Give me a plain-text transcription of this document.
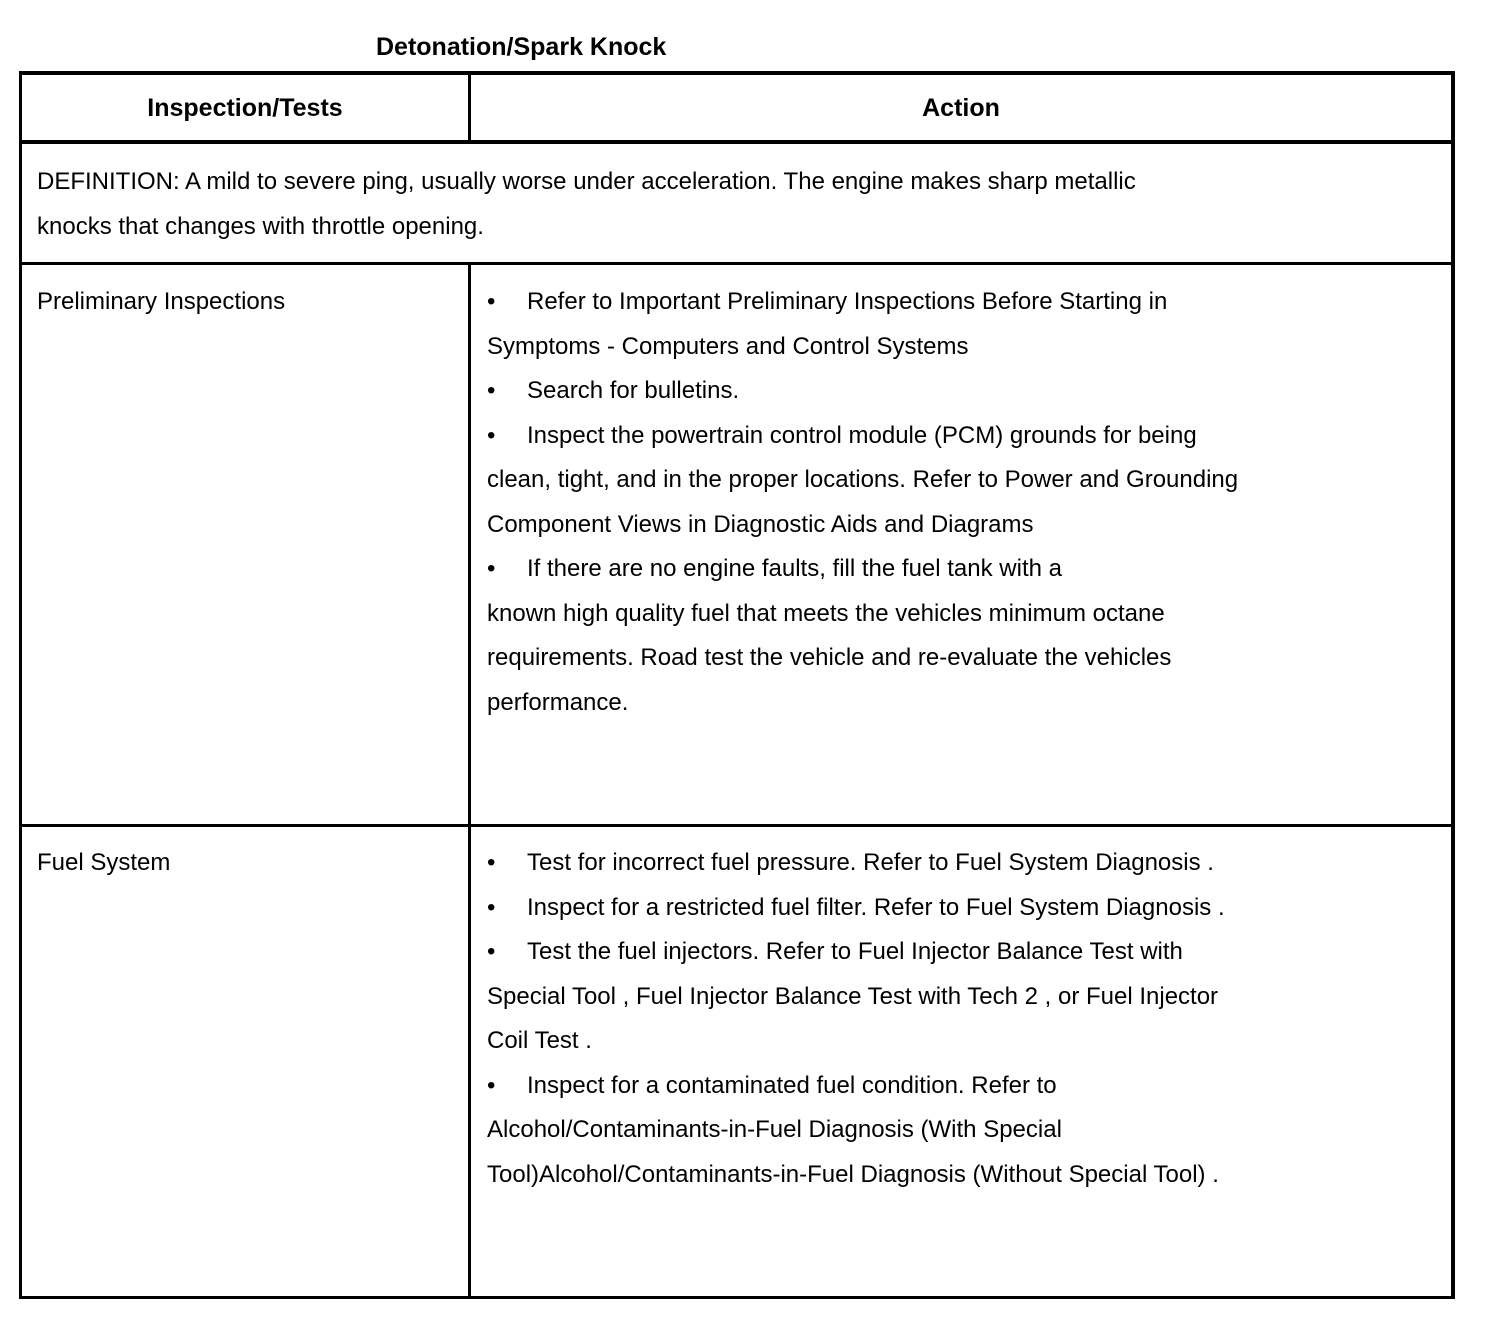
Detonation/Spark Knock
Inspection/Tests	Action
DEFINITION: A mild to severe ping, usually worse under acceleration. The engine makes sharp metallic
knocks that changes with throttle opening.
Preliminary Inspections	• Refer to Important Preliminary Inspections Before Starting in
Symptoms - Computers and Control Systems
• Search for bulletins.
• Inspect the powertrain control module (PCM) grounds for being
clean, tight, and in the proper locations. Refer to Power and Grounding
Component Views in Diagnostic Aids and Diagrams
• If there are no engine faults, fill the fuel tank with a
known high quality fuel that meets the vehicles minimum octane
requirements. Road test the vehicle and re-evaluate the vehicles
performance.
Fuel System	• Test for incorrect fuel pressure. Refer to Fuel System Diagnosis .
• Inspect for a restricted fuel filter. Refer to Fuel System Diagnosis .
• Test the fuel injectors. Refer to Fuel Injector Balance Test with
Special Tool , Fuel Injector Balance Test with Tech 2 , or Fuel Injector
Coil Test .
• Inspect for a contaminated fuel condition. Refer to
Alcohol/Contaminants-in-Fuel Diagnosis (With Special
Tool)Alcohol/Contaminants-in-Fuel Diagnosis (Without Special Tool) .
